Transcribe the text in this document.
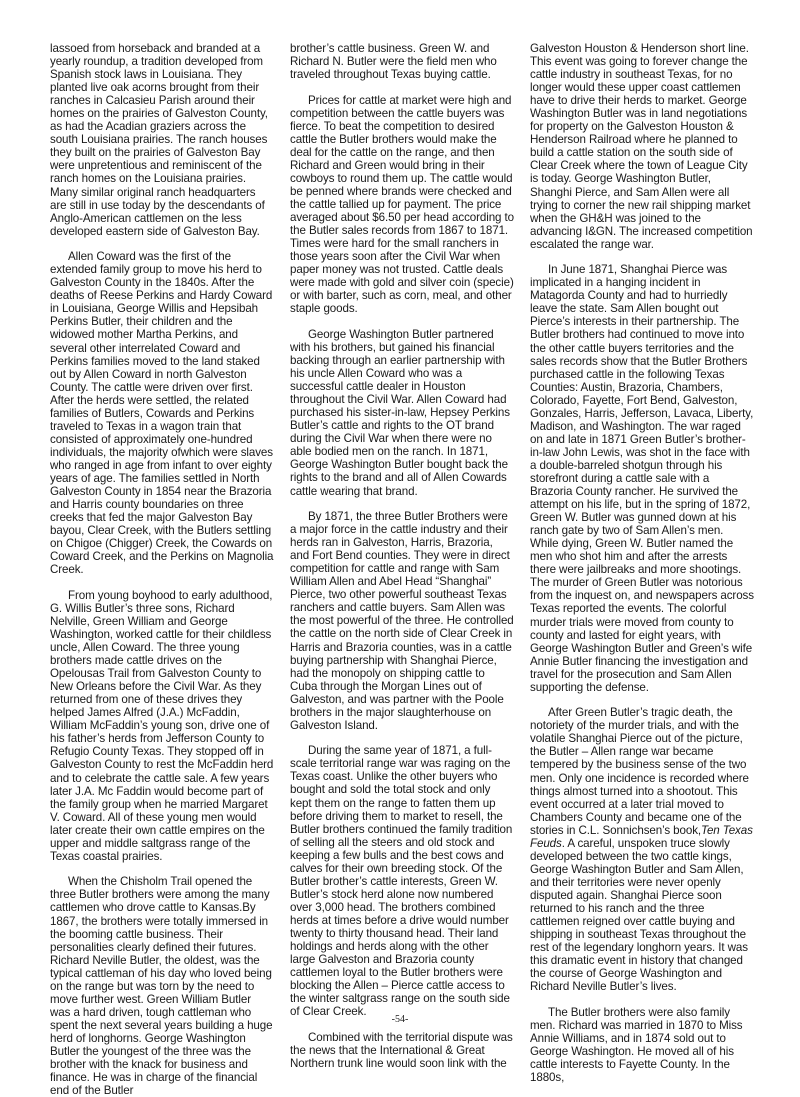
lassoed from horseback and branded at a yearly roundup, a tradition developed from Spanish stock laws in Louisiana. They planted live oak acorns brought from their ranches in Calcasieu Parish around their homes on the prairies of Galveston County, as had the Acadian graziers across the south Louisiana prairies. The ranch houses they built on the prairies of Galveston Bay were unpretentious and reminiscent of the ranch homes on the Louisiana prairies. Many similar original ranch headquarters are still in use today by the descendants of Anglo-American cattlemen on the less developed eastern side of Galveston Bay.

Allen Coward was the first of the extended family group to move his herd to Galveston County in the 1840s. After the deaths of Reese Perkins and Hardy Coward in Louisiana, George Willis and Hepsibah Perkins Butler, their children and the widowed mother Martha Perkins, and several other interrelated Coward and Perkins families moved to the land staked out by Allen Coward in north Galveston County. The cattle were driven over first. After the herds were settled, the related families of Butlers, Cowards and Perkins traveled to Texas in a wagon train that consisted of approximately one-hundred individuals, the majority ofwhich were slaves who ranged in age from infant to over eighty years of age. The families settled in North Galveston County in 1854 near the Brazoria and Harris county boundaries on three creeks that fed the major Galveston Bay bayou, Clear Creek, with the Butlers settling on Chigoe (Chigger) Creek, the Cowards on Coward Creek, and the Perkins on Magnolia Creek.

From young boyhood to early adulthood, G. Willis Butler’s three sons, Richard Nelville, Green William and George Washington, worked cattle for their childless uncle, Allen Coward. The three young brothers made cattle drives on the Opelousas Trail from Galveston County to New Orleans before the Civil War. As they returned from one of these drives they helped James Alfred (J.A.) McFaddin, William McFaddin’s young son, drive one of his father’s herds from Jefferson County to Refugio County Texas. They stopped off in Galveston County to rest the McFaddin herd and to celebrate the cattle sale. A few years later J.A. Mc Faddin would become part of the family group when he married Margaret V. Coward. All of these young men would later create their own cattle empires on the upper and middle saltgrass range of the Texas coastal prairies.

When the Chisholm Trail opened the three Butler brothers were among the many cattlemen who drove cattle to Kansas.By 1867, the brothers were totally immersed in the booming cattle business. Their personalities clearly defined their futures. Richard Neville Butler, the oldest, was the typical cattleman of his day who loved being on the range but was torn by the need to move further west. Green William Butler was a hard driven, tough cattleman who spent the next several years building a huge herd of longhorns. George Washington Butler the youngest of the three was the brother with the knack for business and finance. He was in charge of the financial end of the Butler

brother’s cattle business. Green W. and Richard N. Butler were the field men who traveled throughout Texas buying cattle.

Prices for cattle at market were high and competition between the cattle buyers was fierce. To beat the competition to desired cattle the Butler brothers would make the deal for the cattle on the range, and then Richard and Green would bring in their cowboys to round them up. The cattle would be penned where brands were checked and the cattle tallied up for payment. The price averaged about $6.50 per head according to the Butler sales records from 1867 to 1871. Times were hard for the small ranchers in those years soon after the Civil War when paper money was not trusted. Cattle deals were made with gold and silver coin (specie) or with barter, such as corn, meal, and other staple goods.

George Washington Butler partnered with his brothers, but gained his financial backing through an earlier partnership with his uncle Allen Coward who was a successful cattle dealer in Houston throughout the Civil War. Allen Coward had purchased his sister-in-law, Hepsey Perkins Butler’s cattle and rights to the OT brand during the Civil War when there were no able bodied men on the ranch. In 1871, George Washington Butler bought back the rights to the brand and all of Allen Cowards cattle wearing that brand.

By 1871, the three Butler Brothers were a major force in the cattle industry and their herds ran in Galveston, Harris, Brazoria, and Fort Bend counties. They were in direct competition for cattle and range with Sam William Allen and Abel Head “Shanghai” Pierce, two other powerful southeast Texas ranchers and cattle buyers. Sam Allen was the most powerful of the three. He controlled the cattle on the north side of Clear Creek in Harris and Brazoria counties, was in a cattle buying partnership with Shanghai Pierce, had the monopoly on shipping cattle to Cuba through the Morgan Lines out of Galveston, and was partner with the Poole brothers in the major slaughterhouse on Galveston Island.

During the same year of 1871, a full-scale territorial range war was raging on the Texas coast. Unlike the other buyers who bought and sold the total stock and only kept them on the range to fatten them up before driving them to market to resell, the Butler brothers continued the family tradition of selling all the steers and old stock and keeping a few bulls and the best cows and calves for their own breeding stock. Of the Butler brother’s cattle interests, Green W. Butler’s stock herd alone now numbered over 3,000 head. The brothers combined herds at times before a drive would number twenty to thirty thousand head. Their land holdings and herds along with the other large Galveston and Brazoria county cattlemen loyal to the Butler brothers were blocking the Allen – Pierce cattle access to the winter saltgrass range on the south side of Clear Creek.

Combined with the territorial dispute was the news that the International & Great Northern trunk line would soon link with the

Galveston Houston & Henderson short line. This event was going to forever change the cattle industry in southeast Texas, for no longer would these upper coast cattlemen have to drive their herds to market. George Washington Butler was in land negotiations for property on the Galveston Houston & Henderson Railroad where he planned to build a cattle station on the south side of Clear Creek where the town of League City is today. George Washington Butler, Shanghi Pierce, and Sam Allen were all trying to corner the new rail shipping market when the GH&H was joined to the advancing I&GN. The increased competition escalated the range war.

In June 1871, Shanghai Pierce was implicated in a hanging incident in Matagorda County and had to hurriedly leave the state. Sam Allen bought out Pierce’s interests in their partnership. The Butler brothers had continued to move into the other cattle buyers territories and the sales records show that the Butler Brothers purchased cattle in the following Texas Counties: Austin, Brazoria, Chambers, Colorado, Fayette, Fort Bend, Galveston, Gonzales, Harris, Jefferson, Lavaca, Liberty, Madison, and Washington. The war raged on and late in 1871 Green Butler’s brother-in-law John Lewis, was shot in the face with a double-barreled shotgun through his storefront during a cattle sale with a Brazoria County rancher. He survived the attempt on his life, but in the spring of 1872, Green W. Butler was gunned down at his ranch gate by two of Sam Allen’s men. While dying, Green W. Butler named the men who shot him and after the arrests there were jailbreaks and more shootings. The murder of Green Butler was notorious from the inquest on, and newspapers across Texas reported the events. The colorful murder trials were moved from county to county and lasted for eight years, with George Washington Butler and Green’s wife Annie Butler financing the investigation and travel for the prosecution and Sam Allen supporting the defense.

After Green Butler’s tragic death, the notoriety of the murder trials, and with the volatile Shanghai Pierce out of the picture, the Butler – Allen range war became tempered by the business sense of the two men. Only one incidence is recorded where things almost turned into a shootout. This event occurred at a later trial moved to Chambers County and became one of the stories in C.L. Sonnichsen’s book,Ten Texas Feuds. A careful, unspoken truce slowly developed between the two cattle kings, George Washington Butler and Sam Allen, and their territories were never openly disputed again. Shanghai Pierce soon returned to his ranch and the three cattlemen reigned over cattle buying and shipping in southeast Texas throughout the rest of the legendary longhorn years. It was this dramatic event in history that changed the course of George Washington and Richard Neville Butler’s lives.

The Butler brothers were also family men. Richard was married in 1870 to Miss Annie Williams, and in 1874 sold out to George Washington. He moved all of his cattle interests to Fayette County. In the 1880s,

-54-
